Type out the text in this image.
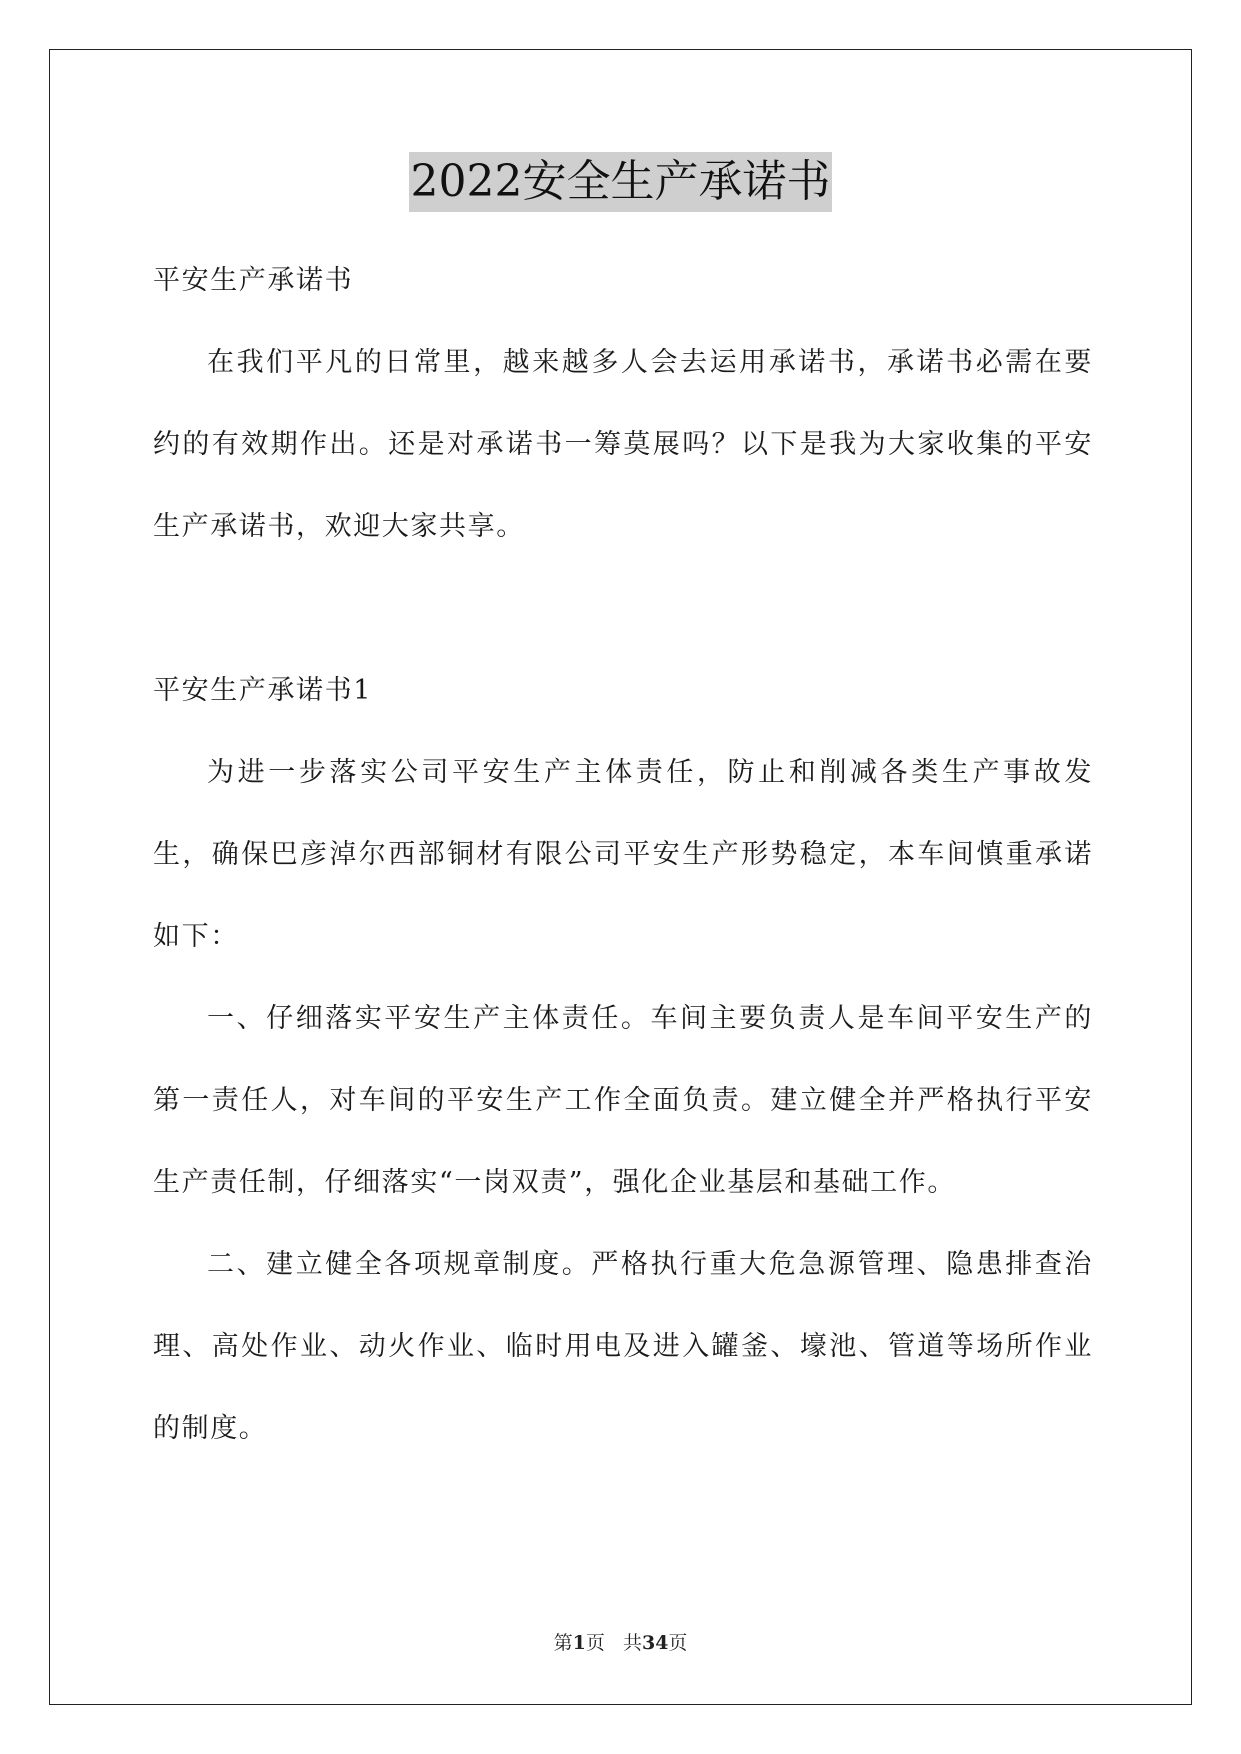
2022安全生产承诺书

平安生产承诺书

在我们平凡的日常里，越来越多人会去运用承诺书，承诺书必需在要约的有效期作出。还是对承诺书一筹莫展吗？以下是我为大家收集的平安生产承诺书，欢迎大家共享。

平安生产承诺书1

为进一步落实公司平安生产主体责任，防止和削减各类生产事故发生，确保巴彦淖尔西部铜材有限公司平安生产形势稳定，本车间慎重承诺如下：

一、仔细落实平安生产主体责任。车间主要负责人是车间平安生产的第一责任人，对车间的平安生产工作全面负责。建立健全并严格执行平安生产责任制，仔细落实“一岗双责”，强化企业基层和基础工作。

二、建立健全各项规章制度。严格执行重大危急源管理、隐患排查治理、高处作业、动火作业、临时用电及进入罐釜、壕池、管道等场所作业的制度。

第1页 共34页
